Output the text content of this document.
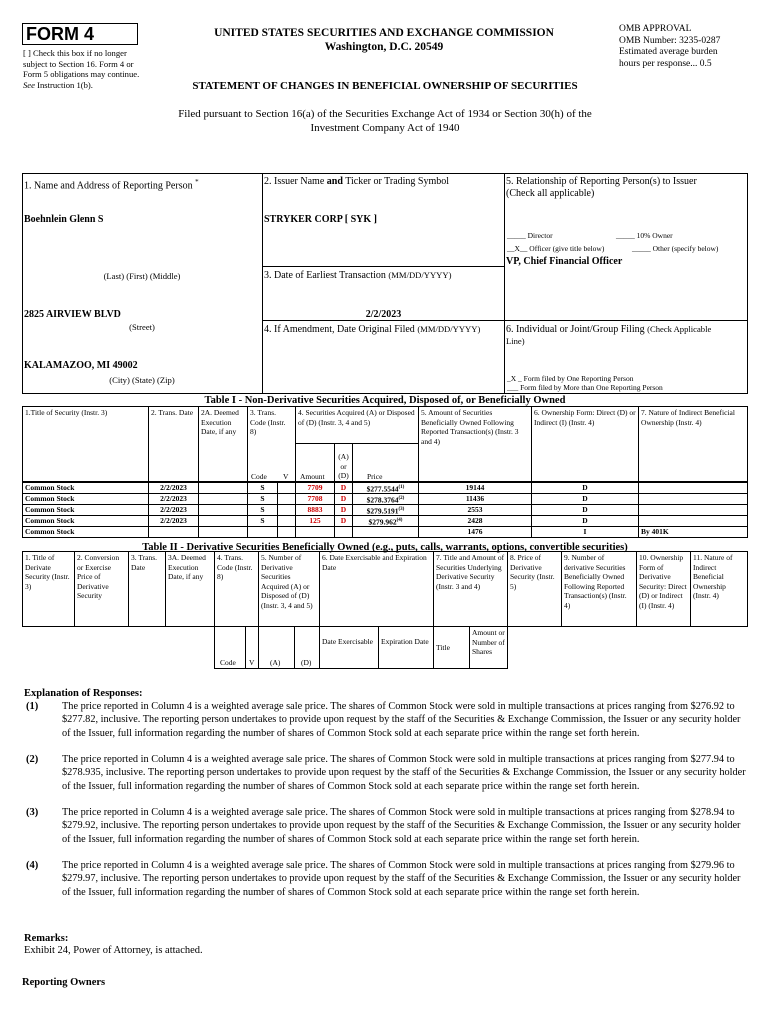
FORM 4
[ ] Check this box if no longer subject to Section 16. Form 4 or Form 5 obligations may continue. See Instruction 1(b).
UNITED STATES SECURITIES AND EXCHANGE COMMISSION
Washington, D.C. 20549
OMB APPROVAL
OMB Number: 3235-0287
Estimated average burden
hours per response... 0.5
STATEMENT OF CHANGES IN BENEFICIAL OWNERSHIP OF SECURITIES
Filed pursuant to Section 16(a) of the Securities Exchange Act of 1934 or Section 30(h) of the
Investment Company Act of 1940
1. Name and Address of Reporting Person *
Boehnlein Glenn S
(Last) (First) (Middle)
2825 AIRVIEW BLVD
(Street)
KALAMAZOO, MI 49002
(City) (State) (Zip)
2. Issuer Name and Ticker or Trading Symbol
STRYKER CORP [ SYK ]
3. Date of Earliest Transaction (MM/DD/YYYY)
2/2/2023
4. If Amendment, Date Original Filed (MM/DD/YYYY)
5. Relationship of Reporting Person(s) to Issuer
(Check all applicable)
_____ Director	_____ 10% Owner
__X__ Officer (give title below)	_____ Other (specify below)
VP, Chief Financial Officer
6. Individual or Joint/Group Filing (Check Applicable
Line)
_X _ Form filed by One Reporting Person
___ Form filed by More than One Reporting Person
Table I - Non-Derivative Securities Acquired, Disposed of, or Beneficially Owned
1.Title of Security (Instr. 3)	2. Trans. Date	2A. Deemed Execution Date, if any
3. Trans. Code (Instr. 8)
4. Securities Acquired (A) or Disposed of (D) (Instr. 3, 4 and 5)
5. Amount of Securities Beneficially Owned Following Reported Transaction(s) (Instr. 3 and 4)
6. Ownership Form: Direct (D) or Indirect (I) (Instr. 4)
7. Nature of Indirect Beneficial Ownership (Instr. 4)
Code V Amount
(A) or (D)	Price
Common Stock	2/2/2023	S	7709	D	$277.5544$^{(1)}$	19144	D
Common Stock	2/2/2023	S	7708	D	$278.3764$^{(2)}$	11436	D
Common Stock	2/2/2023	S	8883	D	$279.5191$^{(3)}$	2553	D
Common Stock	2/2/2023	S	125	D	$279.962$^{(4)}$	2428	D
Common Stock	1476	I	By 401K
Table II - Derivative Securities Beneficially Owned (e.g., puts, calls, warrants, options, convertible securities)
1. Title of Derivate Security (Instr. 3)
2. Conversion or Exercise Price of Derivative Security
3. Trans. Date
3A. Deemed Execution Date, if any
4. Trans. Code (Instr. 8)
5. Number of Derivative Securities Acquired (A) or Disposed of (D) (Instr. 3, 4 and 5)
6. Date Exercisable and Expiration Date
7. Title and Amount of Securities Underlying Derivative Security (Instr. 3 and 4)
8. Price of Derivative Security (Instr. 5)
9. Number of derivative Securities Beneficially Owned Following Reported Transaction(s) (Instr. 4)
10. Ownership Form of Derivative Security: Direct (D) or Indirect (I) (Instr. 4)
11. Nature of Indirect Beneficial Ownership (Instr. 4)
Date Exercisable	Expiration Date
Title
Amount or Number of Shares
Code V (A)	(D)
Explanation of Responses:
(1) The price reported in Column 4 is a weighted average sale price. The shares of Common Stock were sold in multiple transactions at prices ranging from $276.92 to $277.82, inclusive. The reporting person undertakes to provide upon request by the staff of the Securities & Exchange Commission, the Issuer or any security holder of the Issuer, full information regarding the number of shares of Common Stock sold at each separate price within the range set forth herein.
(2) The price reported in Column 4 is a weighted average sale price. The shares of Common Stock were sold in multiple transactions at prices ranging from $277.94 to $278.935, inclusive. The reporting person undertakes to provide upon request by the staff of the Securities & Exchange Commission, the Issuer or any security holder of the Issuer, full information regarding the number of shares of Common Stock sold at each separate price within the range set forth herein.
(3) The price reported in Column 4 is a weighted average sale price. The shares of Common Stock were sold in multiple transactions at prices ranging from $278.94 to $279.92, inclusive. The reporting person undertakes to provide upon request by the staff of the Securities & Exchange Commission, the Issuer or any security holder of the Issuer, full information regarding the number of shares of Common Stock sold at each separate price within the range set forth herein.
(4) The price reported in Column 4 is a weighted average sale price. The shares of Common Stock were sold in multiple transactions at prices ranging from $279.96 to $279.97, inclusive. The reporting person undertakes to provide upon request by the staff of the Securities & Exchange Commission, the Issuer or any security holder of the Issuer, full information regarding the number of shares of Common Stock sold at each separate price within the range set forth herein.
Remarks:
Exhibit 24, Power of Attorney, is attached.
Reporting Owners
